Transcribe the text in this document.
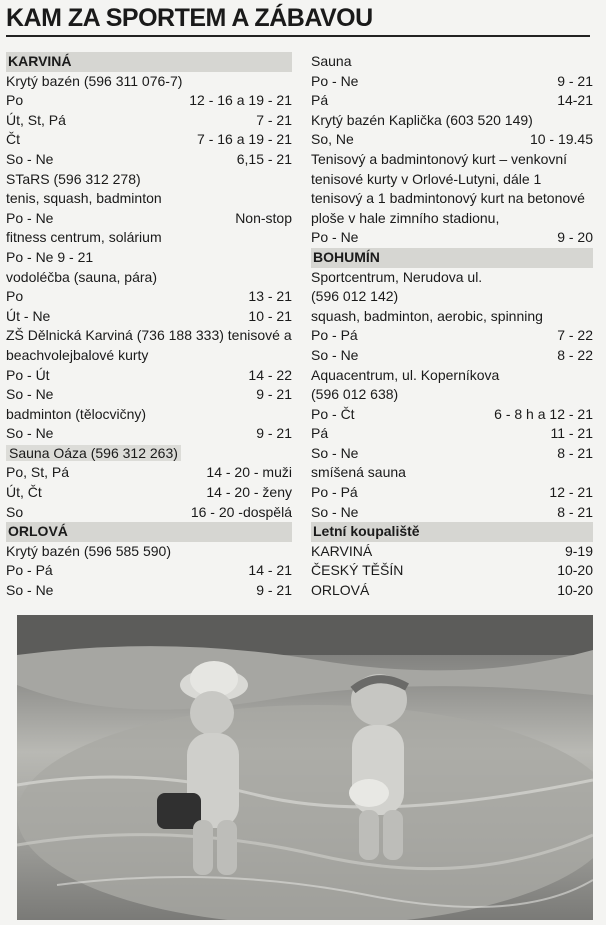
KAM ZA SPORTEM A ZÁBAVOU
KARVINÁ
Krytý bazén (596 311 076-7)
Po	12 - 16 a 19 - 21
Út, St, Pá	7 - 21
Čt	7 - 16 a 19 - 21
So - Ne	6,15 - 21
STaRS (596 312 278)
tenis, squash, badminton
Po - Ne	Non-stop
fitness centrum, solárium
Po - Ne 9 - 21
vodoléčba (sauna, pára)
Po	13 - 21
Út - Ne	10 - 21
ZŠ Dělnická Karviná (736 188 333) tenisové a beachvolejbalové kurty
Po - Út	14 - 22
So - Ne	9 - 21
badminton (tělocvičny)
So - Ne	9 - 21
Sauna Oáza (596 312 263)
Po, St, Pá	14 - 20 - muži
Út, Čt	14 - 20 - ženy
So	16 - 20 -dospělá
ORLOVÁ
Krytý bazén (596 585 590)
Po - Pá	14 - 21
So - Ne	9 - 21
Sauna
Po - Ne	9 - 21
Pá	14-21
Krytý bazén Kaplička (603 520 149)
So, Ne	10 - 19.45
Tenisový a badmintonový kurt – venkovní tenisové kurty v Orlové-Lutyni, dále 1 tenisový a 1 badmintonový kurt na betonové ploše v hale zimního stadionu,
Po - Ne	9 - 20
BOHUMÍN
Sportcentrum, Nerudova ul.
(596 012 142)
squash, badminton, aerobic, spinning
Po - Pá	7 - 22
So - Ne	8 - 22
Aquacentrum, ul. Koperníkova
(596 012 638)
Po - Čt	6 - 8 h a 12 - 21
Pá	11 - 21
So - Ne	8 - 21
smíšená sauna
Po - Pá	12 - 21
So - Ne	8 - 21
Letní koupaliště
KARVINÁ	9-19
ČESKÝ TĚŠÍN	10-20
ORLOVÁ	10-20
